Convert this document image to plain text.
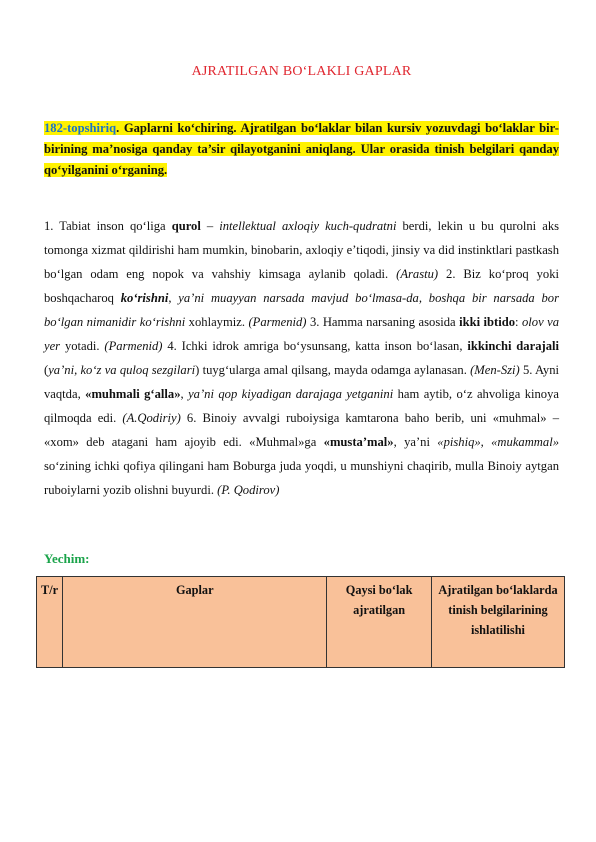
AJRATILGAN BO‘LAKLI GAPLAR
182-topshiriq. Gaplarni ko‘chiring. Ajratilgan bo‘laklar bilan kursiv yozuvdagi bo‘laklar bir-birining ma’nosiga qanday ta’sir qilayotganini aniqlang. Ular orasida tinish belgilari qanday qo‘yilganini o‘rganing.
1. Tabiat inson qo‘liga qurol – intellektual axloqiy kuch-qudratni berdi, lekin u bu qurolni aks tomonga xizmat qildirishi ham mumkin, binobarin, axloqiy e’tiqodi, jinsiy va did instinktlari pastkash bo‘lgan odam eng nopok va vahshiy kimsaga aylanib qoladi. (Arastu) 2. Biz ko‘proq yoki boshqacharoq ko‘rishni, ya’ni muayyan narsada mavjud bo‘lmasa-da, boshqa bir narsada bor bo‘lgan nimanidir ko‘rishni xohlaymiz. (Parmenid) 3. Hamma narsaning asosida ikki ibtido: olov va yer yotadi. (Parmenid) 4. Ichki idrok amriga bo‘ysunsang, katta inson bo‘lasan, ikkinchi darajali (ya’ni, ko‘z va quloq sezgilari) tuyg‘ularga amal qilsang, mayda odamga aylanasan. (Men-Szi) 5. Ayni vaqtda, «muhmali g‘alla», ya’ni qop kiyadigan darajaga yetganini ham aytib, o‘z ahvoliga kinoya qilmoqda edi. (A.Qodiriy) 6. Binoiy avvalgi ruboiysiga kamtarona baho berib, uni «muhmal» – «xom» deb atagani ham ajoyib edi. «Muhmal»ga «musta’mal», ya’ni «pishiq», «mukammal» so‘zining ichki qofiya qilingani ham Boburga juda yoqdi, u munshiyni chaqirib, mulla Binoiy aytgan ruboiylarni yozib olishni buyurdi. (P. Qodirov)
Yechim:
T/r	Gaplar	Qaysi bo‘lak ajratilgan	Ajratilgan bo‘laklarda tinish belgilarining ishlatilishi
